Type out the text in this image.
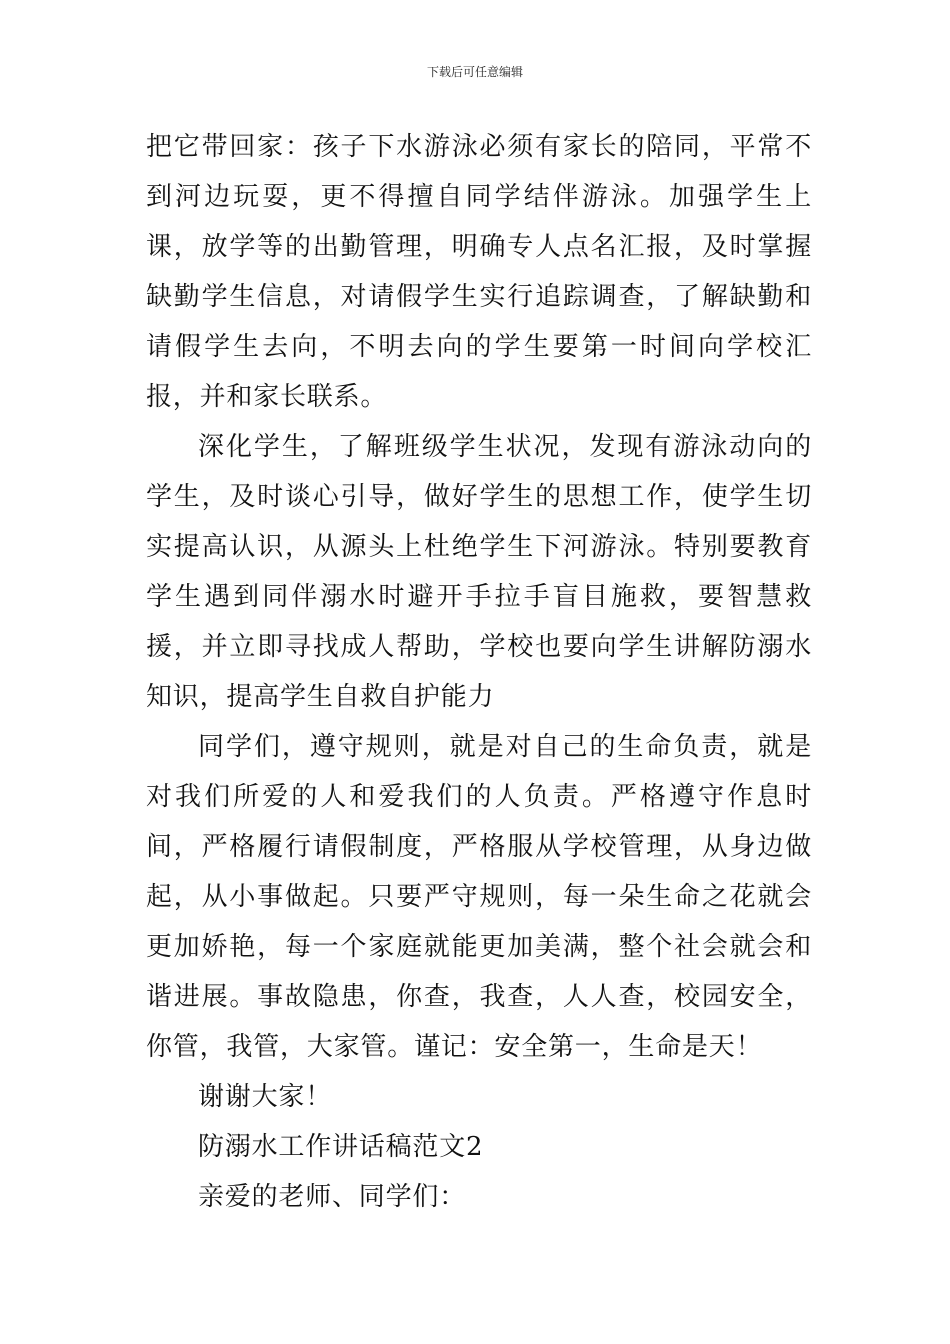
下载后可任意编辑

把它带回家：孩子下水游泳必须有家长的陪同，平常不到河边玩耍，更不得擅自同学结伴游泳。加强学生上课，放学等的出勤管理，明确专人点名汇报，及时掌握缺勤学生信息，对请假学生实行追踪调查，了解缺勤和请假学生去向，不明去向的学生要第一时间向学校汇报，并和家长联系。

深化学生，了解班级学生状况，发现有游泳动向的学生，及时谈心引导，做好学生的思想工作，使学生切实提高认识，从源头上杜绝学生下河游泳。特别要教育学生遇到同伴溺水时避开手拉手盲目施救，要智慧救援，并立即寻找成人帮助，学校也要向学生讲解防溺水知识，提高学生自救自护能力

同学们，遵守规则，就是对自己的生命负责，就是对我们所爱的人和爱我们的人负责。严格遵守作息时间，严格履行请假制度，严格服从学校管理，从身边做起，从小事做起。只要严守规则，每一朵生命之花就会更加娇艳，每一个家庭就能更加美满，整个社会就会和谐进展。事故隐患，你查，我查，人人查，校园安全，你管，我管，大家管。谨记：安全第一，生命是天！

谢谢大家！

防溺水工作讲话稿范文2

亲爱的老师、同学们：
